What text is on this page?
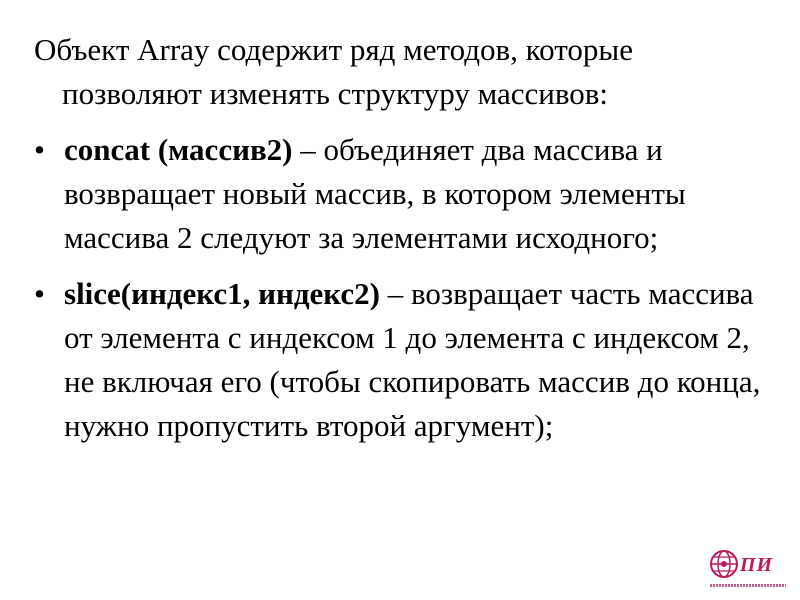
Объект Array содержит ряд методов, которые позволяют изменять структуру массивов:

• concat (массив2) – объединяет два массива и возвращает новый массив, в котором элементы массива 2 следуют за элементами исходного;
• slice(индекс1, индекс2) – возвращает часть массива от элемента с индексом 1 до элемента с индексом 2, не включая его (чтобы скопировать массив до конца, нужно пропустить второй аргумент);
ПИ
